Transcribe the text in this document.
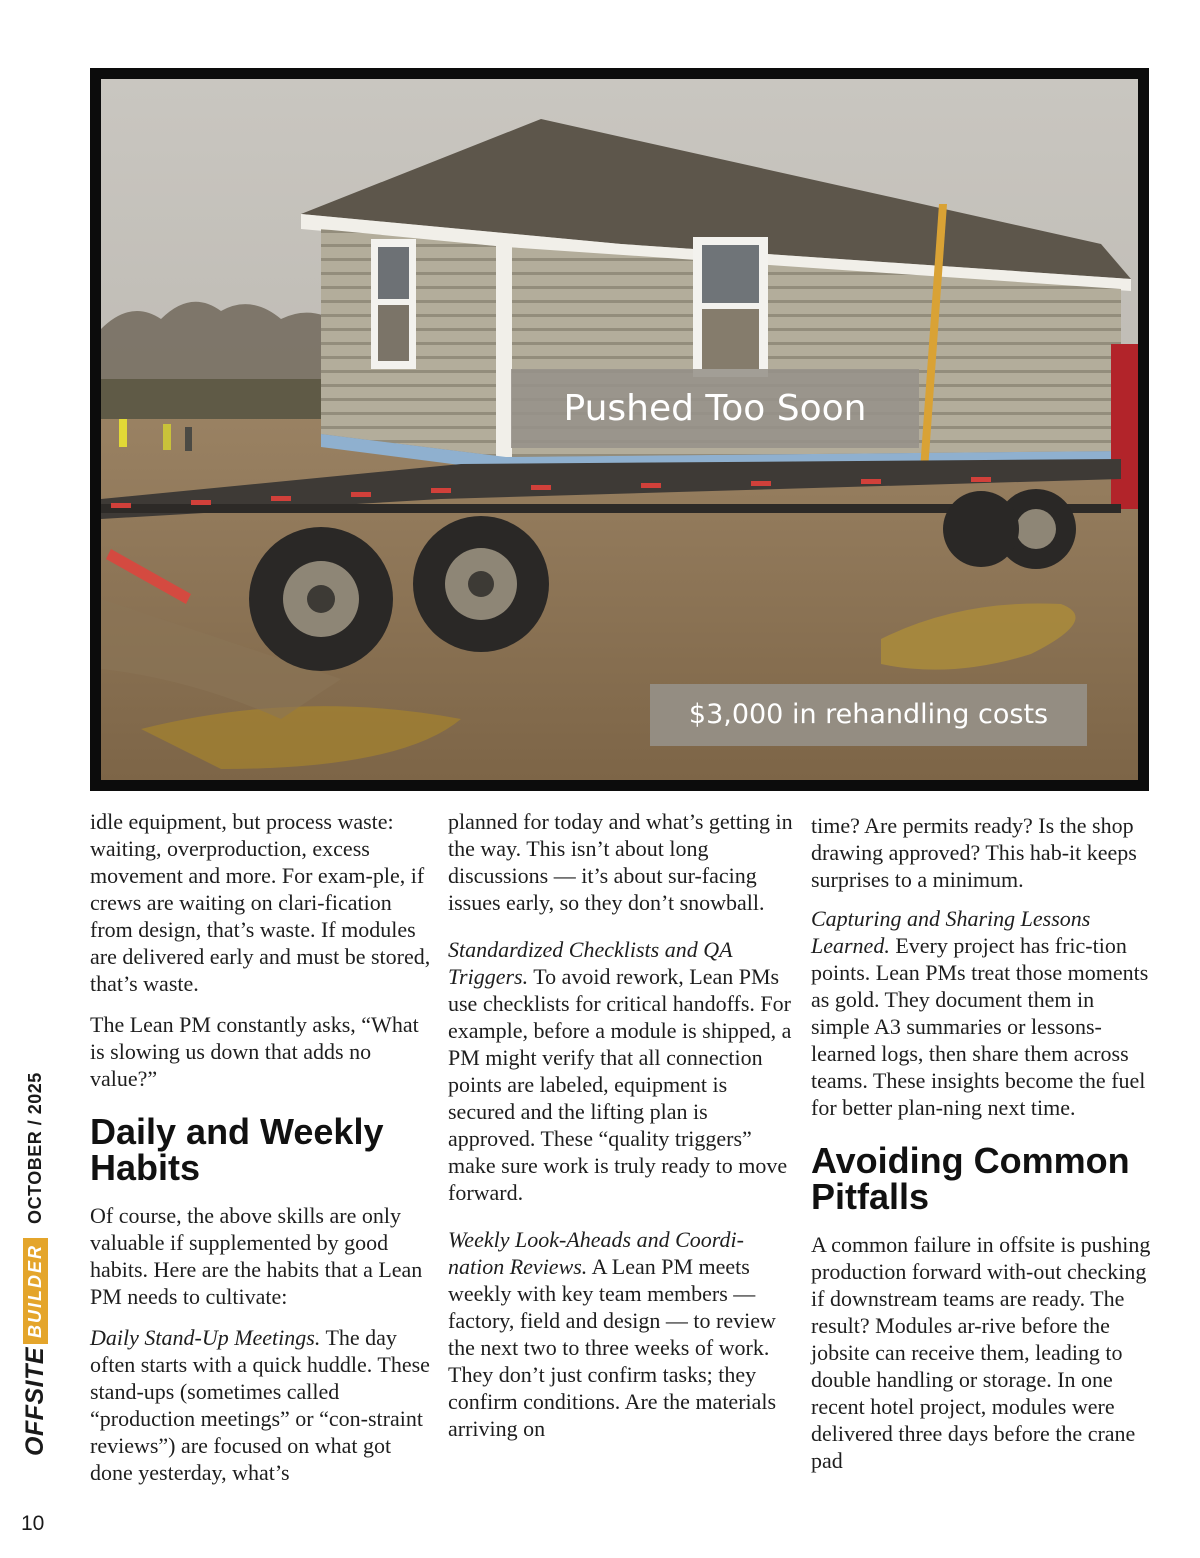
Pushed Too Soon
$3,000 in rehandling costs

idle equipment, but process waste: waiting, overproduction, excess movement and more. For exam-ple, if crews are waiting on clari-fication from design, that’s waste. If modules are delivered early and must be stored, that’s waste.

The Lean PM constantly asks, “What is slowing us down that adds no value?”

Daily and Weekly Habits

Of course, the above skills are only valuable if supplemented by good habits. Here are the habits that a Lean PM needs to cultivate:

Daily Stand-Up Meetings. The day often starts with a quick huddle. These stand-ups (sometimes called “production meetings” or “con-straint reviews”) are focused on what got done yesterday, what’s

planned for today and what’s getting in the way. This isn’t about long discussions — it’s about sur-facing issues early, so they don’t snowball.

Standardized Checklists and QA Triggers. To avoid rework, Lean PMs use checklists for critical handoffs. For example, before a module is shipped, a PM might verify that all connection points are labeled, equipment is secured and the lifting plan is approved. These “quality triggers” make sure work is truly ready to move forward.

Weekly Look-Aheads and Coordi-nation Reviews. A Lean PM meets weekly with key team members — factory, field and design — to review the next two to three weeks of work. They don’t just confirm tasks; they confirm conditions. Are the materials arriving on

time? Are permits ready? Is the shop drawing approved? This hab-it keeps surprises to a minimum.

Capturing and Sharing Lessons Learned. Every project has fric-tion points. Lean PMs treat those moments as gold. They document them in simple A3 summaries or lessons-learned logs, then share them across teams. These insights become the fuel for better plan-ning next time.

Avoiding Common Pitfalls

A common failure in offsite is pushing production forward with-out checking if downstream teams are ready. The result? Modules ar-rive before the jobsite can receive them, leading to double handling or storage. In one recent hotel project, modules were delivered three days before the crane pad

OFFSITE
BUILDER
OCTOBER / 2025
10
